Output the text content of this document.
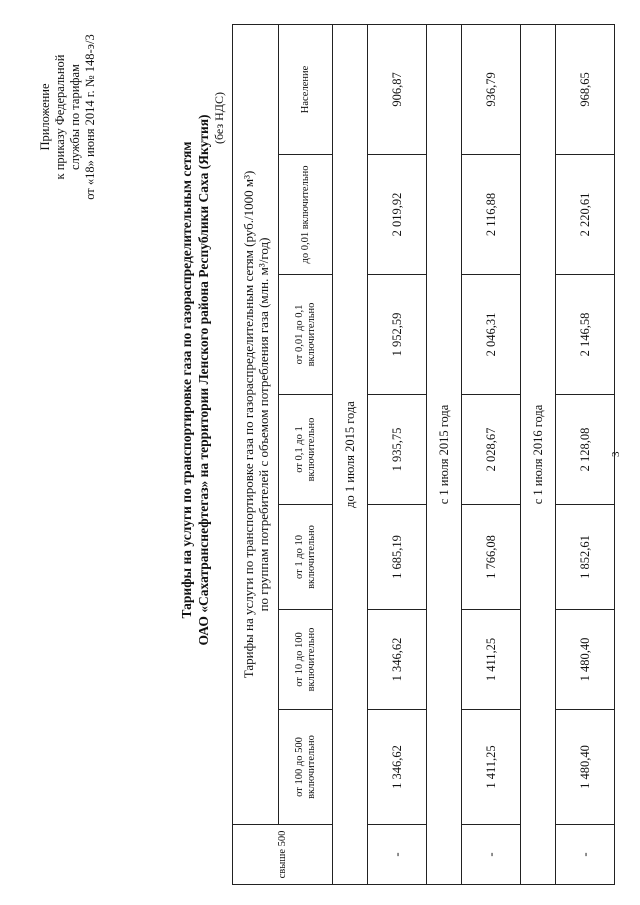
Приложение к приказу Федеральной службы по тарифам от «18» июня 2014 г. № 148-э/3
Тарифы на услуги по транспортировке газа по газораспределительным сетям ОАО «Сахатранснефтегаз» на территории Ленского района Республики Саха (Якутия) (без НДС)
свыше 500	Тарифы на услуги по транспортировке газа по газораспределительным сетям (руб./1000 м³) по группам потребителей с объемом потребления газа (млн. м³/год)						

	от 100 до 500 включительно	от 10 до 100 включительно	от 1 до 10 включительно	от 0,1 до 1 включительно	от 0,01 до 0,1 включительно	до 0,01 включительно	Население
до 1 июля 2015 года							
-	1 346,62	1 346,62	1 685,19	1 935,75	1 952,59	2 019,92	906,87
с 1 июля 2015 года							
-	1 411,25	1 411,25	1 766,08	2 028,67	2 046,31	2 116,88	936,79
с 1 июля 2016 года							
-	1 480,40	1 480,40	1 852,61	2 128,08	2 146,58	2 220,61	968,65
3
